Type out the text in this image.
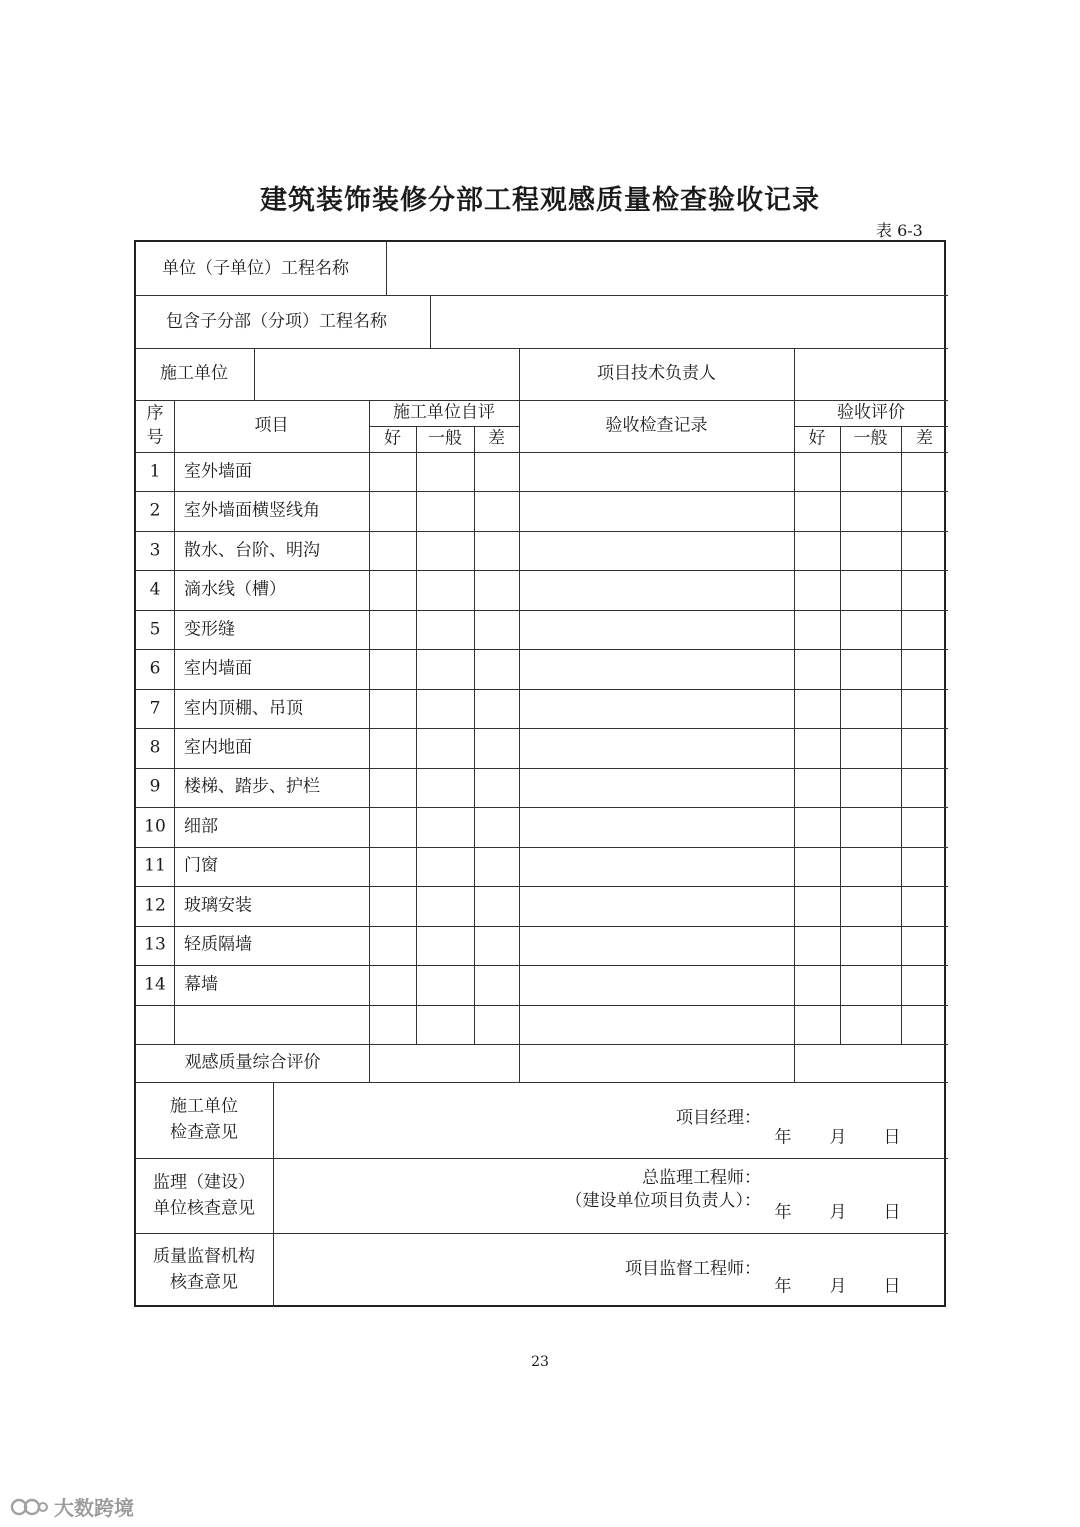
建筑装饰装修分部工程观感质量检查验收记录
表 6-3
单位（子单位）工程名称
包含子分部（分项）工程名称
施工单位	项目技术负责人
序
号
项目
施工单位自评
好 一般 差
验收检查记录
验收评价
好 一般 差
1 室外墙面
2 室外墙面横竖线角
3 散水、台阶、明沟
4 滴水线（槽）
5 变形缝
6 室内墙面
7 室内顶棚、吊顶
8 室内地面
9 楼梯、踏步、护栏
10 细部
11 门窗
12 玻璃安装
13 轻质隔墙
14 幕墙
观感质量综合评价
施工单位
检查意见
项目经理：
年 月 日
监理（建设）
单位核查意见
总监理工程师：
（建设单位项目负责人）：
年 月 日
质量监督机构
核查意见
项目监督工程师：
年 月 日
23
大数跨境
